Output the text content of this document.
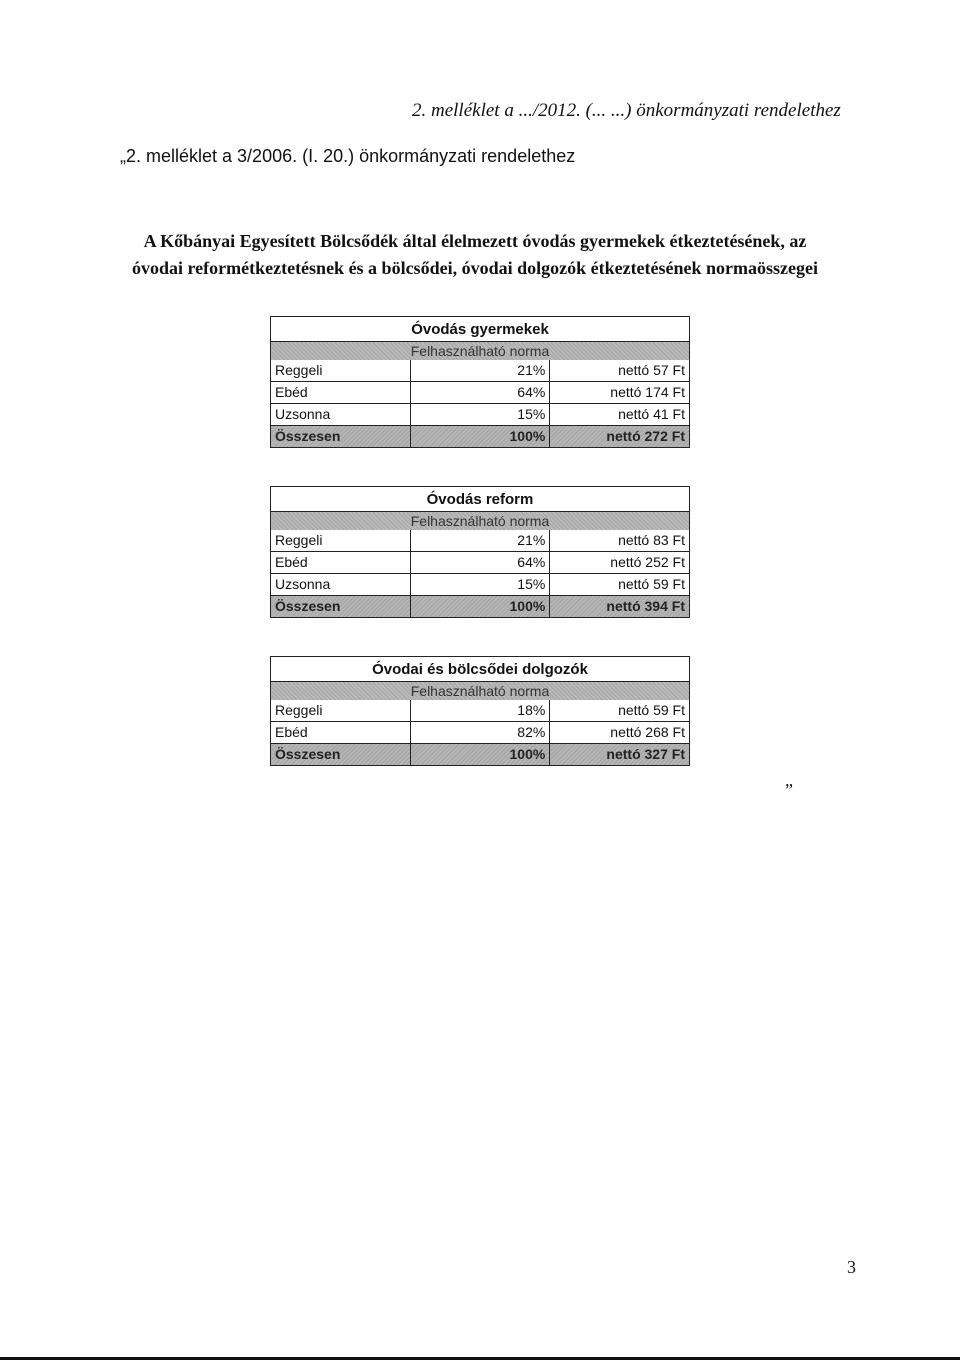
2. melléklet a .../2012. (... ...) önkormányzati rendelethez
„2. melléklet a 3/2006. (I. 20.) önkormányzati rendelethez
A Kőbányai Egyesített Bölcsődék által élelmezett óvodás gyermekek étkeztetésének, az
óvodai reformétkeztetésnek és a bölcsődei, óvodai dolgozók étkeztetésének normaösszegei
Óvodás gyermekek		
Felhasználható norma		
Reggeli	21%	nettó 57 Ft
Ebéd	64%	nettó 174 Ft
Uzsonna	15%	nettó 41 Ft
Összesen	100%	nettó 272 Ft
Óvodás reform		
Felhasználható norma		
Reggeli	21%	nettó 83 Ft
Ebéd	64%	nettó 252 Ft
Uzsonna	15%	nettó 59 Ft
Összesen	100%	nettó 394 Ft
Óvodai és bölcsődei dolgozók		
Felhasználható norma		
Reggeli	18%	nettó 59 Ft
Ebéd	82%	nettó 268 Ft
Összesen	100%	nettó 327 Ft
”
3
